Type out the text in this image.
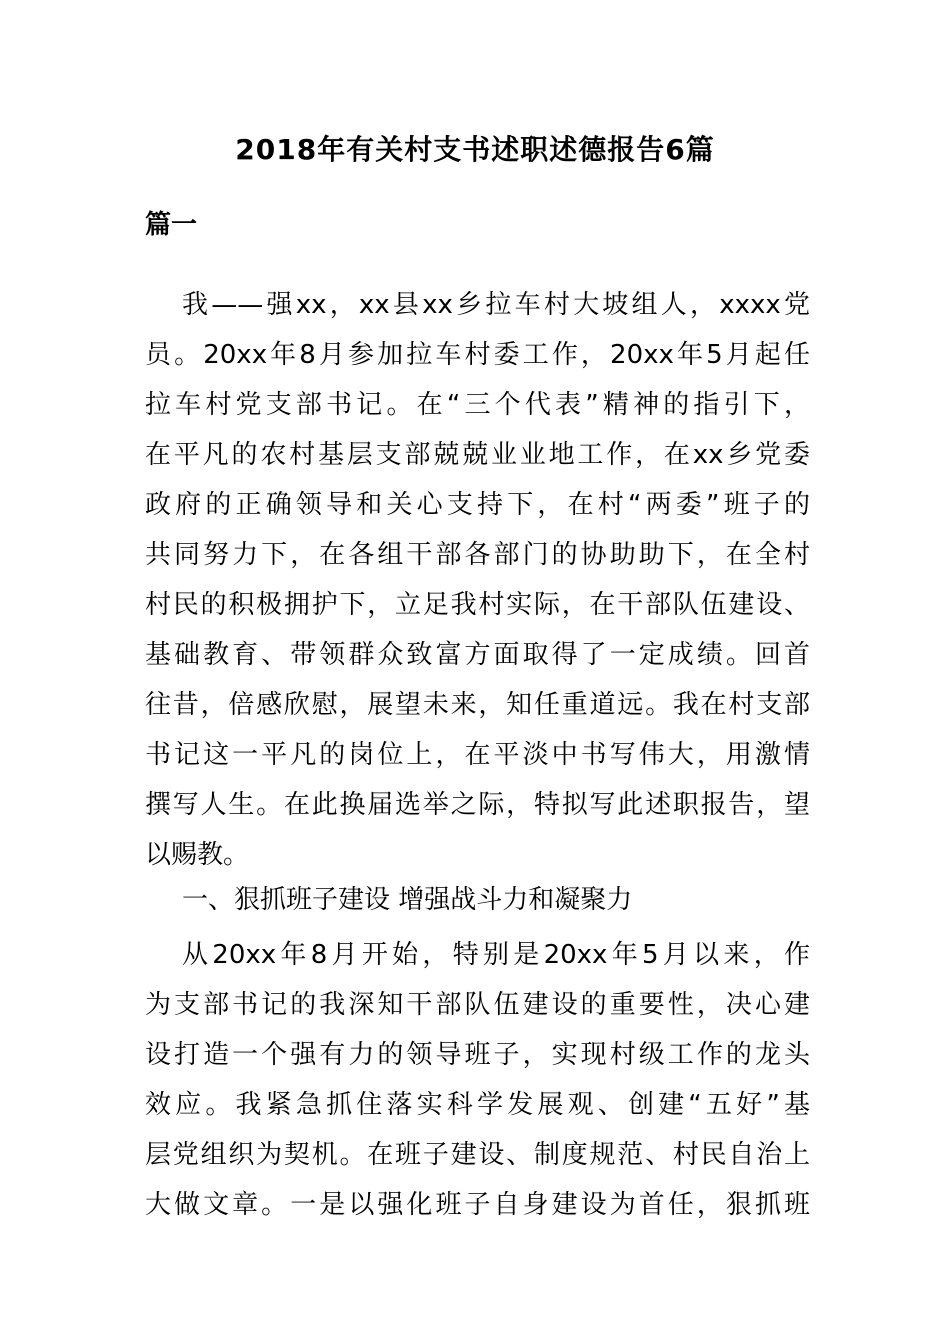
2018年有关村支书述职述德报告6篇
篇一
我——强xx，xx县xx乡拉车村大坡组人，xxxx党
员。20xx年8月参加拉车村委工作，20xx年5月起任
拉车村党支部书记。在“三个代表”精神的指引下，
在平凡的农村基层支部兢兢业业地工作，在xx乡党委
政府的正确领导和关心支持下，在村“两委”班子的
共同努力下，在各组干部各部门的协助助下，在全村
村民的积极拥护下，立足我村实际，在干部队伍建设、
基础教育、带领群众致富方面取得了一定成绩。回首
往昔，倍感欣慰，展望未来，知任重道远。我在村支部
书记这一平凡的岗位上，在平淡中书写伟大，用激情
撰写人生。在此换届选举之际，特拟写此述职报告，望
以赐教。
一、狠抓班子建设 增强战斗力和凝聚力
从20xx年8月开始，特别是20xx年5月以来，作
为支部书记的我深知干部队伍建设的重要性，决心建
设打造一个强有力的领导班子，实现村级工作的龙头
效应。我紧急抓住落实科学发展观、创建“五好”基
层党组织为契机。在班子建设、制度规范、村民自治上
大做文章。一是以强化班子自身建设为首任，狠抓班
